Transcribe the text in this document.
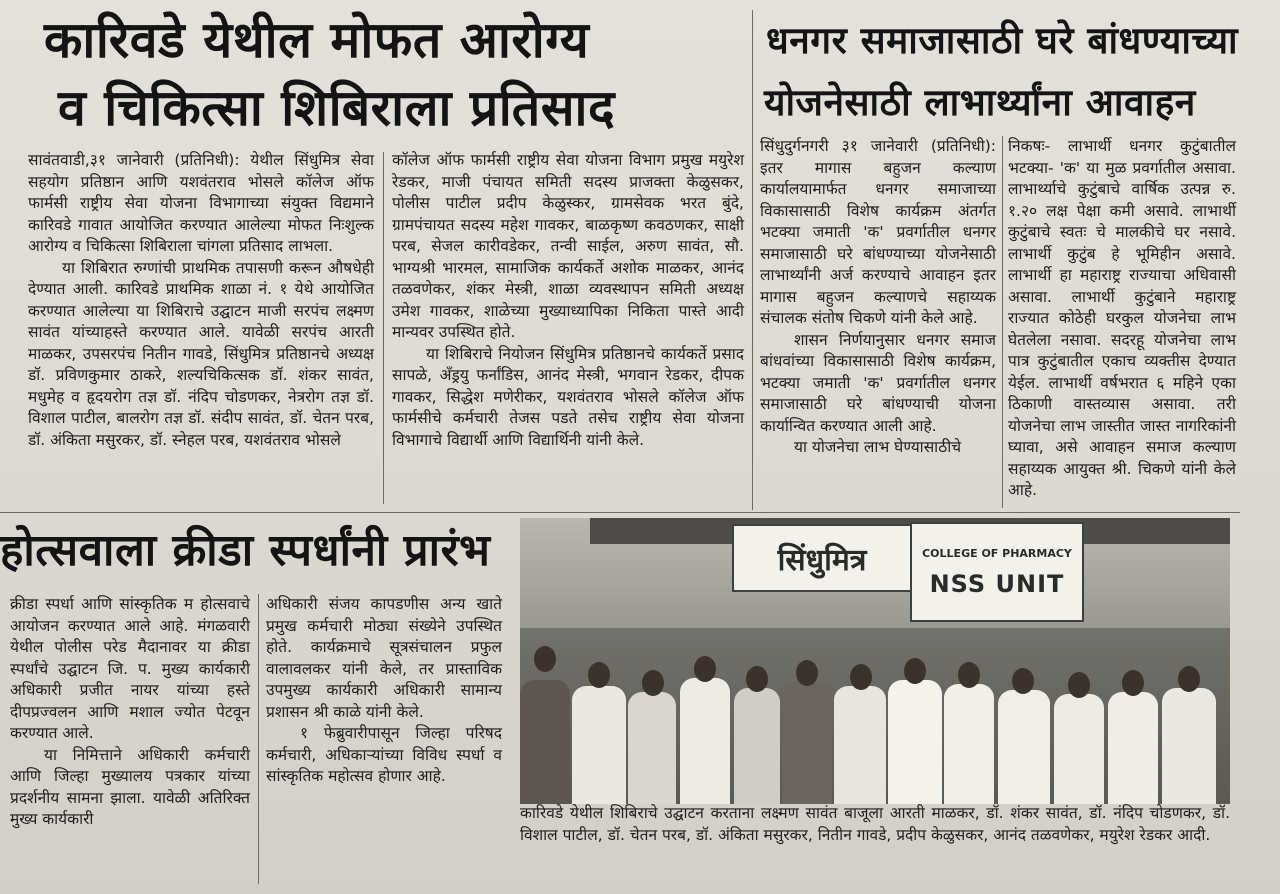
कारिवडे येथील मोफत आरोग्य
व चिकित्सा शिबिराला प्रतिसाद

सावंतवाडी,३१ जानेवारी (प्रतिनिधी): येथील सिंधुमित्र सेवा सहयोग प्रतिष्ठान आणि यशवंतराव भोसले कॉलेज ऑफ फार्मसी राष्ट्रीय सेवा योजना विभागाच्या संयुक्त विद्यमाने कारिवडे गावात आयोजित करण्यात आलेल्या मोफत निःशुल्क आरोग्य व चिकित्सा शिबिराला चांगला प्रतिसाद लाभला.

या शिबिरात रुग्णांची प्राथमिक तपासणी करून औषधेही देण्यात आली. कारिवडे प्राथमिक शाळा नं. १ येथे आयोजित करण्यात आलेल्या या शिबिराचे उद्घाटन माजी सरपंच लक्ष्मण सावंत यांच्याहस्ते करण्यात आले. यावेळी सरपंच आरती माळकर, उपसरपंच नितीन गावडे, सिंधुमित्र प्रतिष्ठानचे अध्यक्ष डॉ. प्रविणकुमार ठाकरे, शल्यचिकित्सक डॉ. शंकर सावंत, मधुमेह व हृदयरोग तज्ञ डॉ. नंदिप चोडणकर, नेत्ररोग तज्ञ डॉ. विशाल पाटील, बालरोग तज्ञ डॉ. संदीप सावंत, डॉ. चेतन परब, डॉ. अंकिता मसुरकर, डॉ. स्नेहल परब, यशवंतराव भोसले

कॉलेज ऑफ फार्मसी राष्ट्रीय सेवा योजना विभाग प्रमुख मयुरेश रेडकर, माजी पंचायत समिती सदस्य प्राजक्ता केळुसकर, पोलीस पाटील प्रदीप केळुस्कर, ग्रामसेवक भरत बुंदे, ग्रामपंचायत सदस्य महेश गावकर, बाळकृष्ण कवठणकर, साक्षी परब, सेजल कारीवडेकर, तन्वी साईल, अरुण सावंत, सौ. भाग्यश्री भारमल, सामाजिक कार्यकर्ते अशोक माळकर, आनंद तळवणेकर, शंकर मेस्त्री, शाळा व्यवस्थापन समिती अध्यक्ष उमेश गावकर, शाळेच्या मुख्याध्यापिका निकिता पास्ते आदी मान्यवर उपस्थित होते.

या शिबिराचे नियोजन सिंधुमित्र प्रतिष्ठानचे कार्यकर्ते प्रसाद सापळे, अँड्रयु फर्नांडिस, आनंद मेस्त्री, भगवान रेडकर, दीपक गावकर, सिद्धेश मणेरीकर, यशवंतराव भोसले कॉलेज ऑफ फार्मसीचे कर्मचारी तेजस पडते तसेच राष्ट्रीय सेवा योजना विभागाचे विद्यार्थी आणि विद्यार्थिनी यांनी केले.

धनगर समाजासाठी घरे बांधण्याच्या
योजनेसाठी लाभार्थ्यांना आवाहन

सिंधुदुर्गनगरी ३१ जानेवारी (प्रतिनिधी): इतर मागास बहुजन कल्याण कार्यालयामार्फत धनगर समाजाच्या विकासासाठी विशेष कार्यक्रम अंतर्गत भटक्या जमाती 'क' प्रवर्गातील धनगर समाजासाठी घरे बांधण्याच्या योजनेसाठी लाभार्थ्यांनी अर्ज करण्याचे आवाहन इतर मागास बहुजन कल्याणचे सहाय्यक संचालक संतोष चिकणे यांनी केले आहे.

शासन निर्णयानुसार धनगर समाज बांधवांच्या विकासासाठी विशेष कार्यक्रम, भटक्या जमाती 'क' प्रवर्गातील धनगर समाजासाठी घरे बांधण्याची योजना कार्यान्वित करण्यात आली आहे.

या योजनेचा लाभ घेण्यासाठीचे

निकषः- लाभार्थी धनगर कुटुंबातील भटक्या- 'क' या मुळ प्रवर्गातील असावा. लाभार्थ्याचे कुटुंबाचे वार्षिक उत्पन्न रु. १.२० लक्ष पेक्षा कमी असावे. लाभार्थी कुटुंबाचे स्वतः चे मालकीचे घर नसावे. लाभार्थी कुटुंब हे भूमिहीन असावे. लाभार्थी हा महाराष्ट्र राज्याचा अधिवासी असावा. लाभार्थी कुटुंबाने महाराष्ट्र राज्यात कोठेही घरकुल योजनेचा लाभ घेतलेला नसावा. सदरहू योजनेचा लाभ पात्र कुटुंबातील एकाच व्यक्तीस देण्यात येईल. लाभार्थी वर्षभरात ६ महिने एका ठिकाणी वास्तव्यास असावा. तरी योजनेचा लाभ जास्तीत जास्त नागरिकांनी घ्यावा, असे आवाहन समाज कल्याण सहाय्यक आयुक्त श्री. चिकणे यांनी केले आहे.

होत्सवाला क्रीडा स्पर्धांनी प्रारंभ

क्रीडा स्पर्धा आणि सांस्कृतिक म होत्सवाचे आयोजन करण्यात आले आहे. मंगळवारी येथील पोलीस परेड मैदानावर या क्रीडा स्पर्धांचे उद्घाटन जि. प. मुख्य कार्यकारी अधिकारी प्रजीत नायर यांच्या हस्ते दीपप्रज्वलन आणि मशाल ज्योत पेटवून करण्यात आले.

या निमित्ताने अधिकारी कर्मचारी आणि जिल्हा मुख्यालय पत्रकार यांच्या प्रदर्शनीय सामना झाला. यावेळी अतिरिक्त मुख्य कार्यकारी

अधिकारी संजय कापडणीस अन्य खाते प्रमुख कर्मचारी मोठ्या संख्येने उपस्थित होते. कार्यक्रमाचे सूत्रसंचालन प्रफुल वालावलकर यांनी केले, तर प्रास्ताविक उपमुख्य कार्यकारी अधिकारी सामान्य प्रशासन श्री काळे यांनी केले.

१ फेब्रुवारीपासून जिल्हा परिषद कर्मचारी, अधिकाऱ्यांच्या विविध स्पर्धा व सांस्कृतिक महोत्सव होणार आहे.

सिंधुमित्र	COLLEGE OF PHARMACY
NSS UNIT
कारिवडे येथील शिबिराचे उद्घाटन करताना लक्ष्मण सावंत बाजूला आरती माळकर, डॉ. शंकर सावंत, डॉ. नंदिप चोडणकर, डॉ. विशाल पाटील, डॉ. चेतन परब, डॉ. अंकिता मसुरकर, नितीन गावडे, प्रदीप केळुसकर, आनंद तळवणेकर, मयुरेश रेडकर आदी.
